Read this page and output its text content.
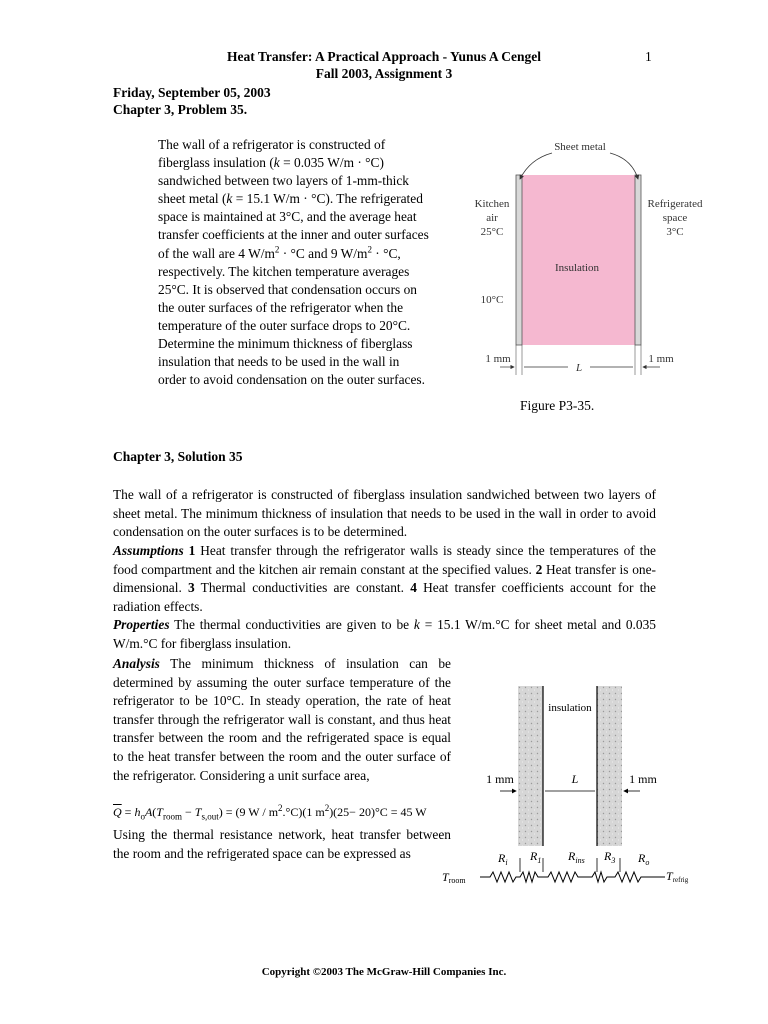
Heat Transfer: A Practical Approach - Yunus A Cengel
Fall 2003, Assignment 3
1
Friday, September 05, 2003
Chapter 3, Problem 35.
The wall of a refrigerator is constructed of
fiberglass insulation (k = 0.035 W/m · °C)
sandwiched between two layers of 1-mm-thick
sheet metal (k = 15.1 W/m · °C). The refrigerated
space is maintained at 3°C, and the average heat
transfer coefficients at the inner and outer surfaces
of the wall are 4 $W/m^2 \cdot ^\circ C$ and 9 $W/m^2 \cdot ^\circ C$,
respectively. The kitchen temperature averages
25°C. It is observed that condensation occurs on
the outer surfaces of the refrigerator when the
temperature of the outer surface drops to 20°C.
Determine the minimum thickness of fiberglass
insulation that needs to be used in the wall in
order to avoid condensation on the outer surfaces.
Sheet metal
Kitchen
air
25°C
Refrigerated
space
3°C
Insulation
10°C
1 mm
L
1 mm
Figure P3-35.
Chapter 3, Solution 35
The wall of a refrigerator is constructed of fiberglass insulation sandwiched between two layers of sheet metal. The minimum thickness of insulation that needs to be used in the wall in order to avoid condensation on the outer surfaces is to be determined.
Assumptions 1 Heat transfer through the refrigerator walls is steady since the temperatures of the food compartment and the kitchen air remain constant at the specified values. 2 Heat transfer is one-dimensional. 3 Thermal conductivities are constant. 4 Heat transfer coefficients account for the radiation effects.
Properties The thermal conductivities are given to be k = 15.1 W/m.°C for sheet metal and 0.035 W/m.°C for fiberglass insulation.
Analysis The minimum thickness of insulation can be determined by assuming the outer surface temperature of the refrigerator to be 10°C. In steady operation, the rate of heat transfer through the refrigerator wall is constant, and thus heat transfer between the room and the refrigerated space is equal to the heat transfer between the room and the outer surface of the refrigerator. Considering a unit surface area,
$\overline{Q} = h_oA(T_{room} - T_{s,out}) = (9$ W / $m^2.^\circ C)(1$ $m^2)(25- 20)^\circ C = 45$ W
Using the thermal resistance network, heat transfer between the room and the refrigerated space can be expressed as
insulation
1 mm	L	1 mm
$R_i$ $R_1$ $R_{ins}$ $R_3$ $R_o$
Troom	Trefrig
Copyright ©2003 The McGraw-Hill Companies Inc.
